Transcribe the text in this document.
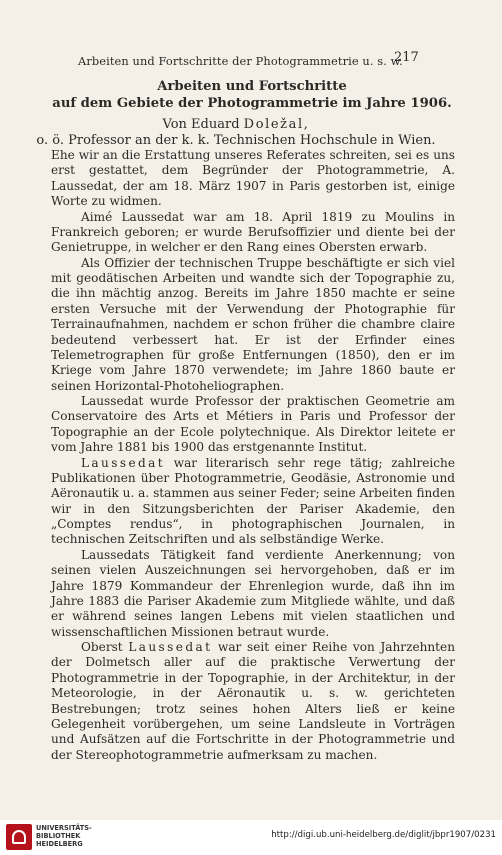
Arbeiten und Fortschritte der Photogrammetrie u. s. w.
217
Arbeiten und Fortschritte
auf dem Gebiete der Photogrammetrie im Jahre 1906.
Von Eduard Doležal,
o. ö. Professor an der k. k. Technischen Hochschule in Wien.

Ehe wir an die Erstattung unseres Referates schreiten, sei es uns erst gestattet, dem Begründer der Photogrammetrie, A. Laussedat, der am 18. März 1907 in Paris gestorben ist, einige Worte zu widmen.

Aimé Laussedat war am 18. April 1819 zu Moulins in Frankreich geboren; er wurde Berufsoffizier und diente bei der Genietruppe, in welcher er den Rang eines Obersten erwarb.

Als Offizier der technischen Truppe beschäftigte er sich viel mit geodätischen Arbeiten und wandte sich der Topographie zu, die ihn mächtig anzog. Bereits im Jahre 1850 machte er seine ersten Versuche mit der Verwendung der Photographie für Terrainaufnahmen, nachdem er schon früher die chambre claire bedeutend verbessert hat. Er ist der Erfinder eines Telemetrographen für große Entfernungen (1850), den er im Kriege vom Jahre 1870 verwendete; im Jahre 1860 baute er seinen Horizontal-Photoheliographen.

Laussedat wurde Professor der praktischen Geometrie am Conservatoire des Arts et Métiers in Paris und Professor der Topographie an der Ecole polytechnique. Als Direktor leitete er vom Jahre 1881 bis 1900 das erstgenannte Institut.

Laussedat war literarisch sehr rege tätig; zahlreiche Publikationen über Photogrammetrie, Geodäsie, Astronomie und Aëronautik u. a. stammen aus seiner Feder; seine Arbeiten finden wir in den Sitzungsberichten der Pariser Akademie, den „Comptes rendus“, in photographischen Journalen, in technischen Zeitschriften und als selbständige Werke.

Laussedats Tätigkeit fand verdiente Anerkennung; von seinen vielen Auszeichnungen sei hervorgehoben, daß er im Jahre 1879 Kommandeur der Ehrenlegion wurde, daß ihn im Jahre 1883 die Pariser Akademie zum Mitgliede wählte, und daß er während seines langen Lebens mit vielen staatlichen und wissenschaftlichen Missionen betraut wurde.

Oberst Laussedat war seit einer Reihe von Jahrzehnten der Dolmetsch aller auf die praktische Verwertung der Photogrammetrie in der Topographie, in der Architektur, in der Meteorologie, in der Aëronautik u. s. w. gerichteten Bestrebungen; trotz seines hohen Alters ließ er keine Gelegenheit vorübergehen, um seine Landsleute in Vorträgen und Aufsätzen auf die Fortschritte in der Photogrammetrie und der Stereophotogrammetrie aufmerksam zu machen.

UNIVERSITÄTS-
BIBLIOTHEK
HEIDELBERG
http://digi.ub.uni-heidelberg.de/diglit/jbpr1907/0231
